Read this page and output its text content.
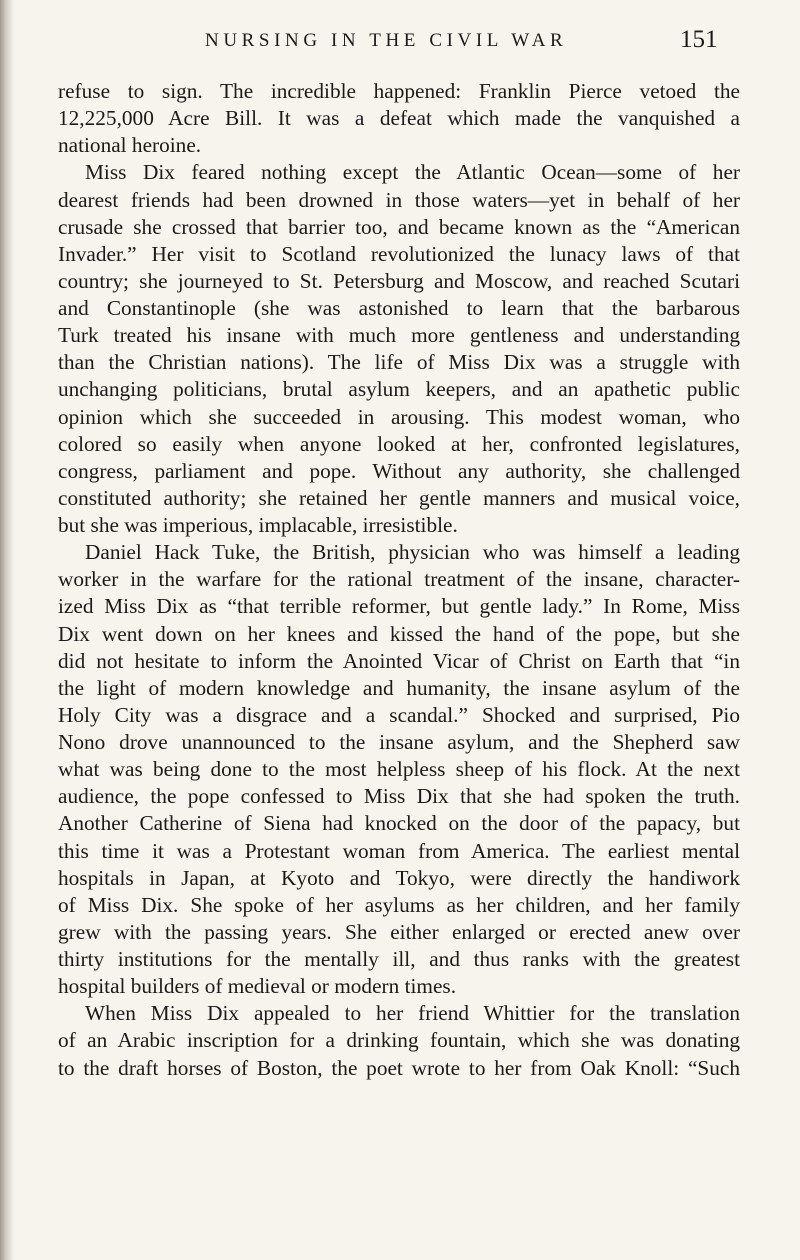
NURSING IN THE CIVIL WAR	151
refuse to sign. The incredible happened: Franklin Pierce vetoed the
12,225,000 Acre Bill. It was a defeat which made the vanquished a
national heroine.
Miss Dix feared nothing except the Atlantic Ocean—some of her
dearest friends had been drowned in those waters—yet in behalf of her
crusade she crossed that barrier too, and became known as the “American
Invader.” Her visit to Scotland revolutionized the lunacy laws of that
country; she journeyed to St. Petersburg and Moscow, and reached Scutari
and Constantinople (she was astonished to learn that the barbarous
Turk treated his insane with much more gentleness and understanding
than the Christian nations). The life of Miss Dix was a struggle with
unchanging politicians, brutal asylum keepers, and an apathetic public
opinion which she succeeded in arousing. This modest woman, who
colored so easily when anyone looked at her, confronted legislatures,
congress, parliament and pope. Without any authority, she challenged
constituted authority; she retained her gentle manners and musical voice,
but she was imperious, implacable, irresistible.
Daniel Hack Tuke, the British, physician who was himself a leading
worker in the warfare for the rational treatment of the insane, character-
ized Miss Dix as “that terrible reformer, but gentle lady.” In Rome, Miss
Dix went down on her knees and kissed the hand of the pope, but she
did not hesitate to inform the Anointed Vicar of Christ on Earth that “in
the light of modern knowledge and humanity, the insane asylum of the
Holy City was a disgrace and a scandal.” Shocked and surprised, Pio
Nono drove unannounced to the insane asylum, and the Shepherd saw
what was being done to the most helpless sheep of his flock. At the next
audience, the pope confessed to Miss Dix that she had spoken the truth.
Another Catherine of Siena had knocked on the door of the papacy, but
this time it was a Protestant woman from America. The earliest mental
hospitals in Japan, at Kyoto and Tokyo, were directly the handiwork
of Miss Dix. She spoke of her asylums as her children, and her family
grew with the passing years. She either enlarged or erected anew over
thirty institutions for the mentally ill, and thus ranks with the greatest
hospital builders of medieval or modern times.
When Miss Dix appealed to her friend Whittier for the translation
of an Arabic inscription for a drinking fountain, which she was donating
to the draft horses of Boston, the poet wrote to her from Oak Knoll: “Such
